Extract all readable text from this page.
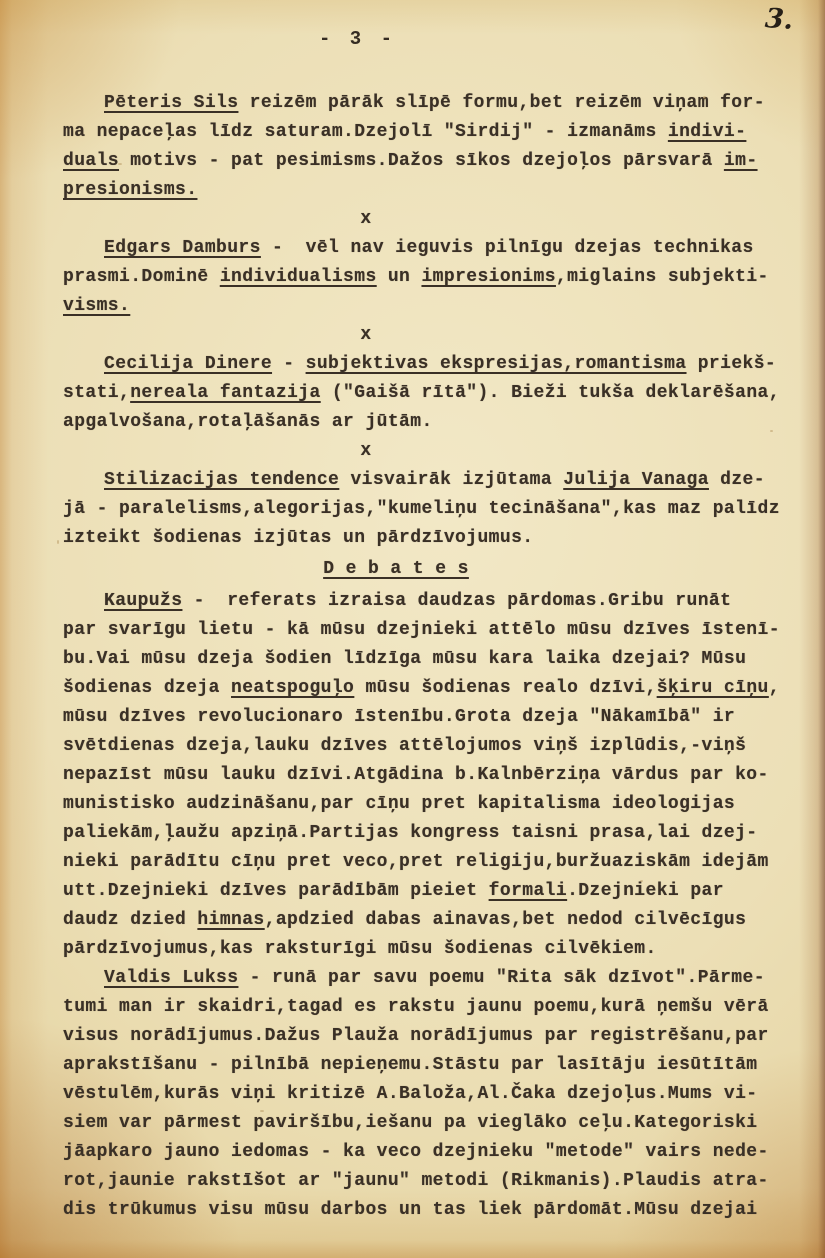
3.
- 3 -
Pēteris Sils reizēm pārāk slīpē formu,bet reizēm viņam for-
ma nepaceļas līdz saturam.Dzejolī "Sirdij" - izmanāms indivi-
duals motivs - pat pesimisms.Dažos sīkos dzejoļos pārsvarā im-
presionisms.
x
Edgars Damburs -  vēl nav ieguvis pilnīgu dzejas technikas
prasmi.Dominē individualisms un impresionims,miglains subjekti-
visms.
x
Cecilija Dinere - subjektivas ekspresijas,romantisma priekš-
stati,nereala fantazija ("Gaišā rītā"). Bieži tukša deklarēšana,
apgalvošana,rotaļāšanās ar jūtām.
x
Stilizacijas tendence visvairāk izjūtama Julija Vanaga dze-
jā - paralelisms,alegorijas,"kumeliņu tecināšana",kas maz palīdz
izteikt šodienas izjūtas un pārdzīvojumus.
D e b a t e s
Kaupužs -  referats izraisa daudzas pārdomas.Gribu runāt
par svarīgu lietu - kā mūsu dzejnieki attēlo mūsu dzīves īstenī-
bu.Vai mūsu dzeja šodien līdzīga mūsu kara laika dzejai? Mūsu
šodienas dzeja neatspoguļo mūsu šodienas realo dzīvi,šķiru cīņu,
mūsu dzīves revolucionaro īstenību.Grota dzeja "Nākamībā" ir
svētdienas dzeja,lauku dzīves attēlojumos viņš izplūdis,-viņš
nepazīst mūsu lauku dzīvi.Atgādina b.Kalnbērziņa vārdus par ko-
munistisko audzināšanu,par cīņu pret kapitalisma ideologijas
paliekām,ļaužu apziņā.Partijas kongress taisni prasa,lai dzej-
nieki parādītu cīņu pret veco,pret religiju,buržuaziskām idejām
utt.Dzejnieki dzīves parādībām pieiet formali.Dzejnieki par
daudz dzied himnas,apdzied dabas ainavas,bet nedod cilvēcīgus
pārdzīvojumus,kas raksturīgi mūsu šodienas cilvēkiem.
Valdis Lukss - runā par savu poemu "Rita sāk dzīvot".Pārme-
tumi man ir skaidri,tagad es rakstu jaunu poemu,kurā ņemšu vērā
visus norādījumus.Dažus Plauža norādījumus par registrēšanu,par
aprakstīšanu - pilnībā nepieņemu.Stāstu par lasītāju iesūtītām
vēstulēm,kurās viņi kritizē A.Baloža,Al.Čaka dzejoļus.Mums vi-
siem var pārmest paviršību,iešanu pa vieglāko ceļu.Kategoriski
jāapkaro jauno iedomas - ka veco dzejnieku "metode" vairs nede-
rot,jaunie rakstīšot ar "jaunu" metodi (Rikmanis).Plaudis atra-
dis trūkumus visu mūsu darbos un tas liek pārdomāt.Mūsu dzejai
